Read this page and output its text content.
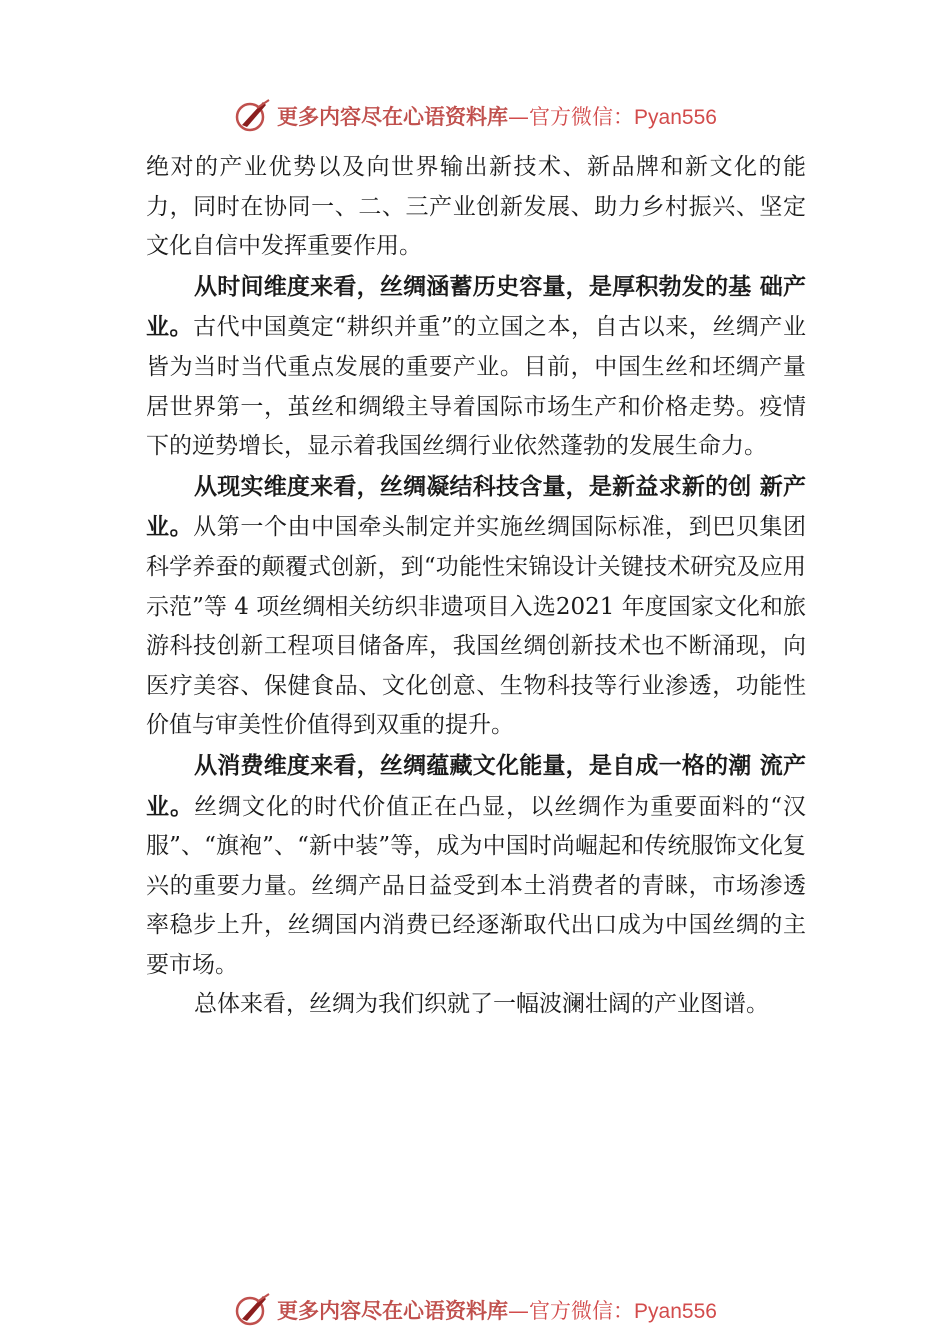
更多内容尽在心语资料库—官方微信：Pyan556

绝对的产业优势以及向世界输出新技术、新品牌和新文化的能力，同时在协同一、二、三产业创新发展、助力乡村振兴、坚定文化自信中发挥重要作用。

从时间维度来看，丝绸涵蓄历史容量，是厚积勃发的基 础产业。古代中国奠定“耕织并重”的立国之本，自古以来，丝绸产业皆为当时当代重点发展的重要产业。目前，中国生丝和坯绸产量居世界第一，茧丝和绸缎主导着国际市场生产和价格走势。疫情下的逆势增长，显示着我国丝绸行业依然蓬勃的发展生命力。

从现实维度来看，丝绸凝结科技含量，是新益求新的创 新产业。从第一个由中国牵头制定并实施丝绸国际标准，到巴贝集团科学养蚕的颠覆式创新，到“功能性宋锦设计关键技术研究及应用示范”等 4 项丝绸相关纺织非遗项目入选2021 年度国家文化和旅游科技创新工程项目储备库，我国丝绸创新技术也不断涌现，向医疗美容、保健食品、文化创意、生物科技等行业渗透，功能性价值与审美性价值得到双重的提升。

从消费维度来看，丝绸蕴藏文化能量，是自成一格的潮 流产业。丝绸文化的时代价值正在凸显，以丝绸作为重要面料的“汉服”、“旗袍”、“新中装”等，成为中国时尚崛起和传统服饰文化复兴的重要力量。丝绸产品日益受到本土消费者的青睐，市场渗透率稳步上升，丝绸国内消费已经逐渐取代出口成为中国丝绸的主要市场。

总体来看，丝绸为我们织就了一幅波澜壮阔的产业图谱。

更多内容尽在心语资料库—官方微信：Pyan556
